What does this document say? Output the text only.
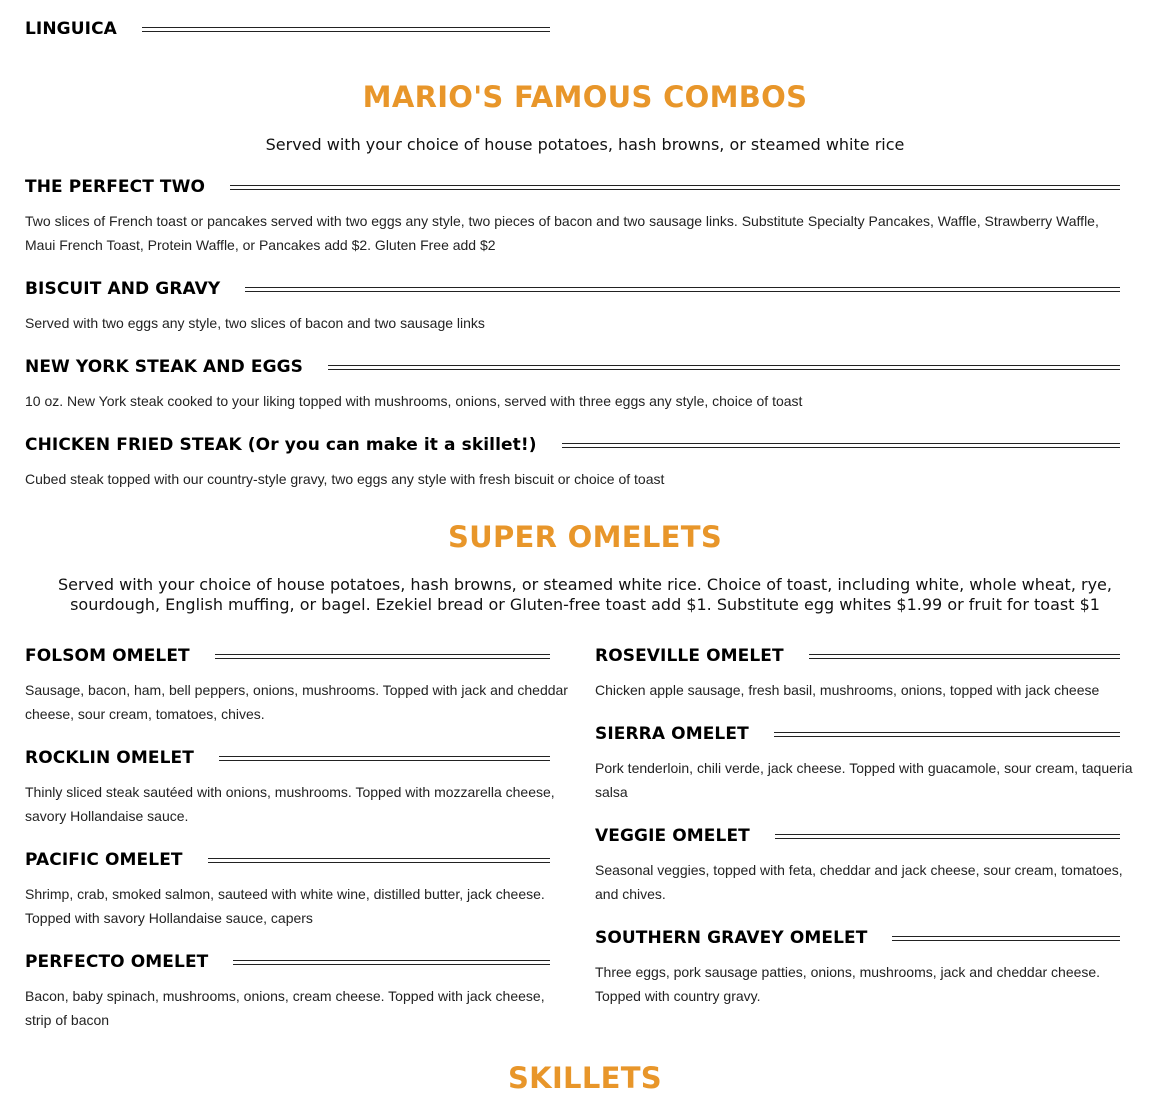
LINGUICA
MARIO'S FAMOUS COMBOS
Served with your choice of house potatoes, hash browns, or steamed white rice
THE PERFECT TWO
Two slices of French toast or pancakes served with two eggs any style, two pieces of bacon and two sausage links. Substitute Specialty Pancakes, Waffle, Strawberry Waffle, Maui French Toast, Protein Waffle, or Pancakes add $2. Gluten Free add $2
BISCUIT AND GRAVY
Served with two eggs any style, two slices of bacon and two sausage links
NEW YORK STEAK AND EGGS
10 oz. New York steak cooked to your liking topped with mushrooms, onions, served with three eggs any style, choice of toast
CHICKEN FRIED STEAK (Or you can make it a skillet!)
Cubed steak topped with our country-style gravy, two eggs any style with fresh biscuit or choice of toast
SUPER OMELETS
Served with your choice of house potatoes, hash browns, or steamed white rice. Choice of toast, including white, whole wheat, rye, sourdough, English muffing, or bagel. Ezekiel bread or Gluten-free toast add $1. Substitute egg whites $1.99 or fruit for toast $1
FOLSOM OMELET
Sausage, bacon, ham, bell peppers, onions, mushrooms. Topped with jack and cheddar cheese, sour cream, tomatoes, chives.
ROCKLIN OMELET
Thinly sliced steak sautéed with onions, mushrooms. Topped with mozzarella cheese, savory Hollandaise sauce.
PACIFIC OMELET
Shrimp, crab, smoked salmon, sauteed with white wine, distilled butter, jack cheese. Topped with savory Hollandaise sauce, capers
PERFECTO OMELET
Bacon, baby spinach, mushrooms, onions, cream cheese. Topped with jack cheese, strip of bacon
ROSEVILLE OMELET
Chicken apple sausage, fresh basil, mushrooms, onions, topped with jack cheese
SIERRA OMELET
Pork tenderloin, chili verde, jack cheese. Topped with guacamole, sour cream, taqueria salsa
VEGGIE OMELET
Seasonal veggies, topped with feta, cheddar and jack cheese, sour cream, tomatoes, and chives.
SOUTHERN GRAVEY OMELET
Three eggs, pork sausage patties, onions, mushrooms, jack and cheddar cheese. Topped with country gravy.
SKILLETS
